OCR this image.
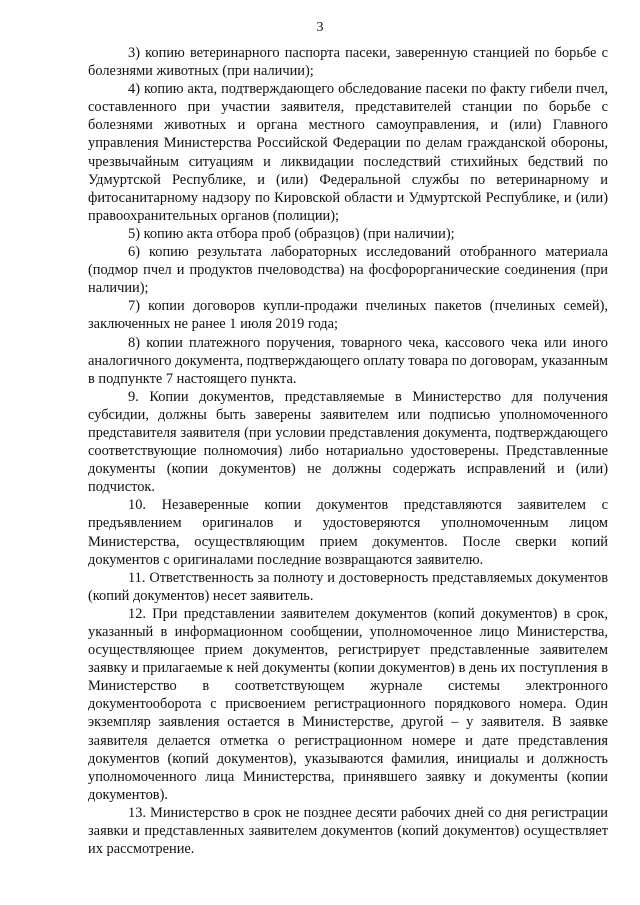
3

3) копию ветеринарного паспорта пасеки, заверенную станцией по борьбе с болезнями животных (при наличии);

4) копию акта, подтверждающего обследование пасеки по факту гибели пчел, составленного при участии заявителя, представителей станции по борьбе с болезнями животных и органа местного самоуправления, и (или) Главного управления Министерства Российской Федерации по делам гражданской обороны, чрезвычайным ситуациям и ликвидации последствий стихийных бедствий по Удмуртской Республике, и (или) Федеральной службы по ветеринарному и фитосанитарному надзору по Кировской области и Удмуртской Республике, и (или) правоохранительных органов (полиции);

5) копию акта отбора проб (образцов) (при наличии);

6) копию результата лабораторных исследований отобранного материала (подмор пчел и продуктов пчеловодства) на фосфорорганические соединения (при наличии);

7) копии договоров купли-продажи пчелиных пакетов (пчелиных семей), заключенных не ранее 1 июля 2019 года;

8) копии платежного поручения, товарного чека, кассового чека или иного аналогичного документа, подтверждающего оплату товара по договорам, указанным в подпункте 7 настоящего пункта.

9. Копии документов, представляемые в Министерство для получения субсидии, должны быть заверены заявителем или подписью уполномоченного представителя заявителя (при условии представления документа, подтверждающего соответствующие полномочия) либо нотариально удостоверены. Представленные документы (копии документов) не должны содержать исправлений и (или) подчисток.

10. Незаверенные копии документов представляются заявителем с предъявлением оригиналов и удостоверяются уполномоченным лицом Министерства, осуществляющим прием документов. После сверки копий документов с оригиналами последние возвращаются заявителю.

11. Ответственность за полноту и достоверность представляемых документов (копий документов) несет заявитель.

12. При представлении заявителем документов (копий документов) в срок, указанный в информационном сообщении, уполномоченное лицо Министерства, осуществляющее прием документов, регистрирует представленные заявителем заявку и прилагаемые к ней документы (копии документов) в день их поступления в Министерство в соответствующем журнале системы электронного документооборота с присвоением регистрационного порядкового номера. Один экземпляр заявления остается в Министерстве, другой – у заявителя. В заявке заявителя делается отметка о регистрационном номере и дате представления документов (копий документов), указываются фамилия, инициалы и должность уполномоченного лица Министерства, принявшего заявку и документы (копии документов).

13. Министерство в срок не позднее десяти рабочих дней со дня регистрации заявки и представленных заявителем документов (копий документов) осуществляет их рассмотрение.
